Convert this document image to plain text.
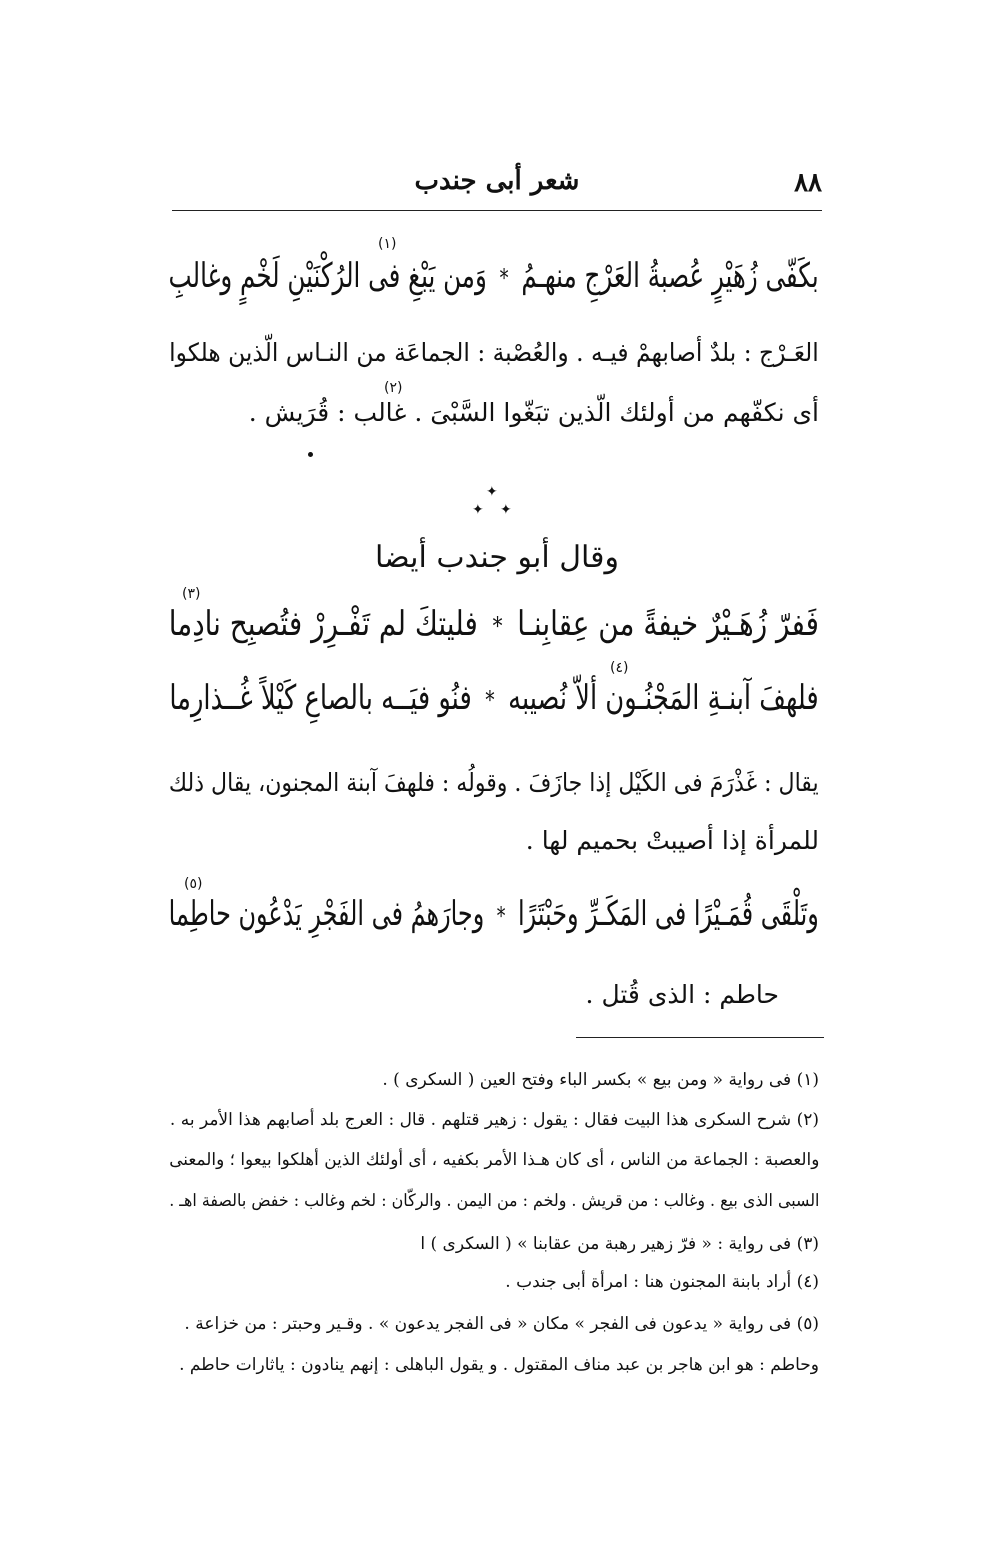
٨٨
شعر أبى جندب
(١)
بكَفّى زُهَيْرٍ عُصبةُ العَرْجِ منهـمُ*وَمن يَبْغِ فى الرُكْنَيْنِ لَخْمٍ وغالبِ
العَـرْج : بلدٌ أصابهمْ فيـه . والعُصْبة : الجماعَة من النـاس الّذين هلكوا
(٢)
أى نكفّهم من أولئك الّذين تبَغّوا السَّبْىَ . غالب : قُرَيش .
✦
✦ ✦
وقال أبو جندب أيضا
(٣)
فَفرّ زُهَـيْرٌ خيفةً من عِقابِنـا*فليتكَ لم تَفْـرِرْ فتُصبِح نادِما
(٤)
فلهفَ آبنـةِ المَجْنُـون ألاّ نُصيبه*فنُو فيَــه بالصاعِ كَيْلاً غُــذارِما
يقال : غَذْرَمَ فى الكَيْل إذا جازَفَ . وقولُه : فلهفَ آبنة المجنون، يقال ذلك
للمرأة إذا أصيبتْ بحميم لها .
(٥)
وتَلْقَى قُمَـيْرًا فى المَكَـرِّ وحَبْتَرًا*وجارَهمُ فى الفَجْرِ يَدْعُون حاطِما
حاطم : الذى قُتل .
(١) فى رواية « ومن بيع » بكسر الباء وفتح العين ( السكرى ) .
(٢) شرح السكرى هذا البيت فقال : يقول : زهير قتلهم . قال : العرج بلد أصابهم هذا الأمر به .
والعصبة : الجماعة من الناس ، أى كان هـذا الأمر بكفيه ، أى أولئك الذين أهلكوا بيعوا ؛ والمعنى
السبى الذى بيع . وغالب : من قريش . ولخم : من اليمن . والركّان : لخم وغالب : خفض بالصفة اهـ .
(٣) فى رواية : « فرّ زهير رهبة من عقابنا » ( السكرى ) ا
(٤) أراد بابنة المجنون هنا : امرأة أبى جندب .
(٥) فى رواية « يدعون فى الفجر » مكان « فى الفجر يدعون » . وقـير وحبتر : من خزاعة .
وحاطم : هو ابن هاجر بن عبد مناف المقتول . و يقول الباهلى : إنهم ينادون : ياثارات حاطم .
